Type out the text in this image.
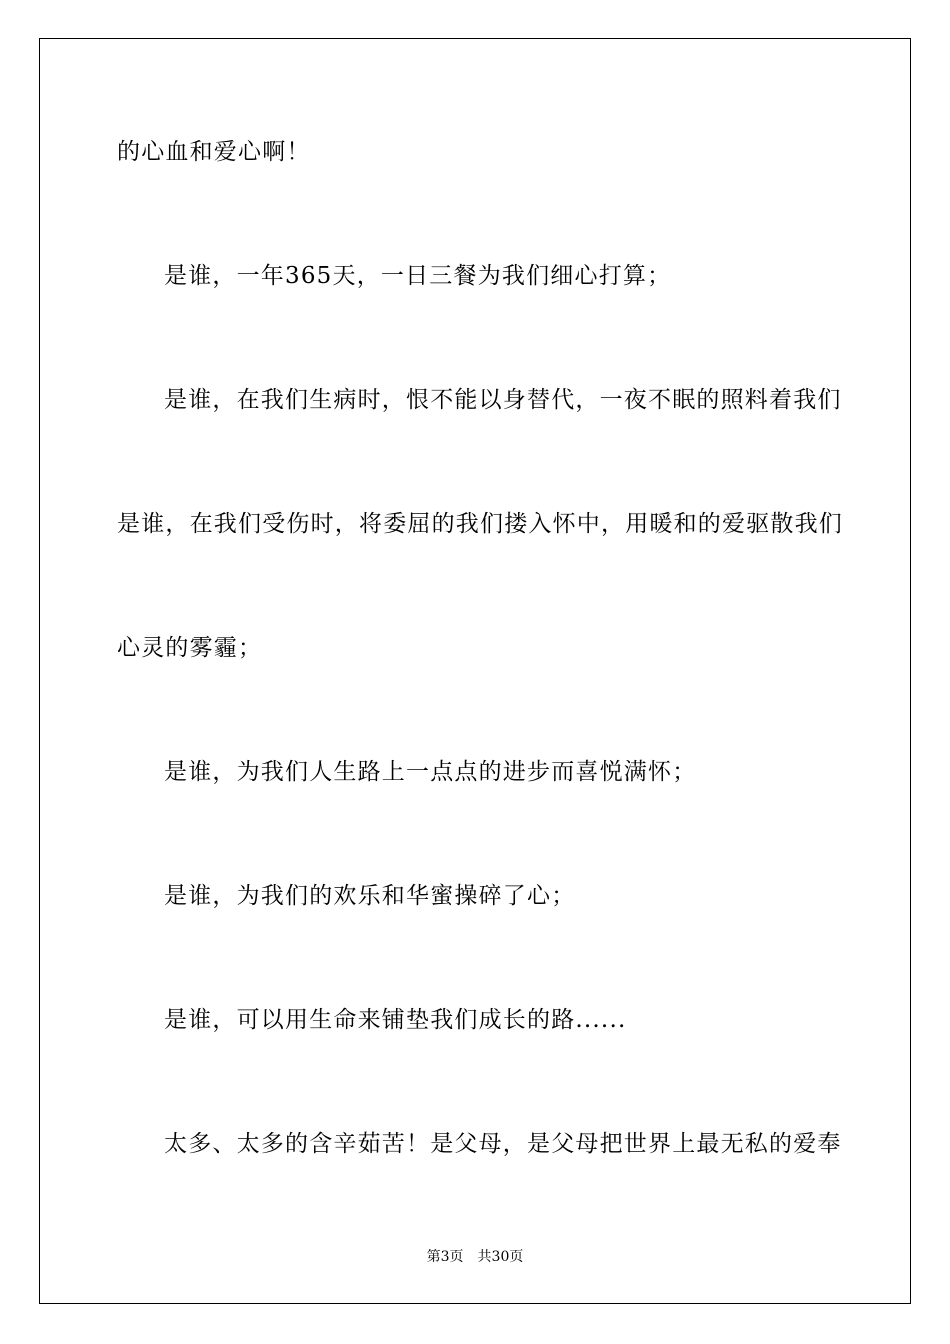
的心血和爱心啊！
是谁，一年365天，一日三餐为我们细心打算；
是谁，在我们生病时，恨不能以身替代，一夜不眠的照料着我们
是谁，在我们受伤时，将委屈的我们搂入怀中，用暖和的爱驱散我们
心灵的雾霾；
是谁，为我们人生路上一点点的进步而喜悦满怀；
是谁，为我们的欢乐和华蜜操碎了心；
是谁，可以用生命来铺垫我们成长的路......
太多、太多的含辛茹苦！是父母，是父母把世界上最无私的爱奉
第3页 共30页
